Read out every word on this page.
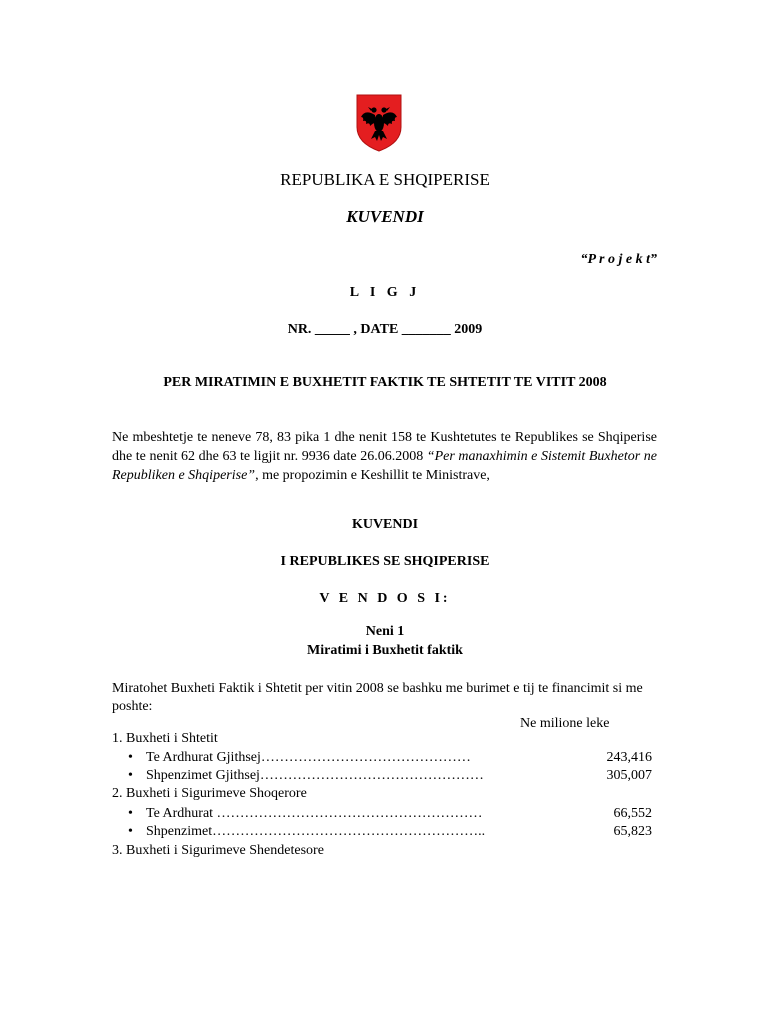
REPUBLIKA E SHQIPERISE
KUVENDI
“P r o j e k t”
L I G J
NR. _____ , DATE _______ 2009
PER MIRATIMIN E BUXHETIT FAKTIK TE SHTETIT TE VITIT 2008
Ne mbeshtetje te neneve 78, 83 pika 1 dhe nenit 158 te Kushtetutes te Republikes se Shqiperise dhe te nenit 62 dhe 63 te ligjit nr. 9936 date 26.06.2008 “Per manaxhimin e Sistemit Buxhetor ne Republiken e Shqiperise”, me propozimin e Keshillit te Ministrave,
KUVENDI
I REPUBLIKES SE SHQIPERISE
V E N D O S I:
Neni 1
Miratimi i Buxhetit faktik
Miratohet Buxheti Faktik i Shtetit per vitin 2008 se bashku me burimet e tij te financimit si me poshte:
Ne milione leke
1. Buxheti i Shtetit
• Te Ardhurat Gjithsej………………………………………	243,416
• Shpenzimet Gjithsej…………………………………………	305,007
2. Buxheti i Sigurimeve Shoqerore
• Te Ardhurat …………………………………………………	66,552
• Shpenzimet…………………………………………………..	65,823
3. Buxheti i Sigurimeve Shendetesore
